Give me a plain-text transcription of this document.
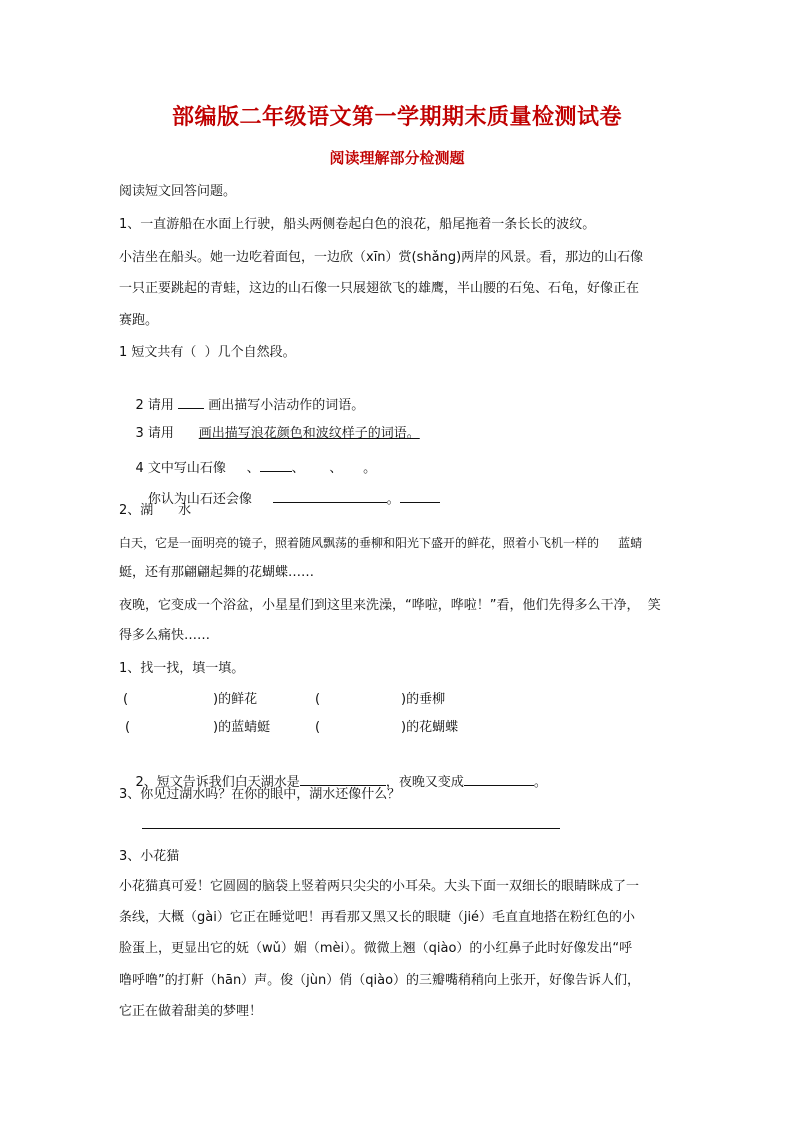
部编版二年级语文第一学期期末质量检测试卷
阅读理解部分检测题
阅读短文回答问题。
1、一直游船在水面上行驶，船头两侧卷起白色的浪花，船尾拖着一条长长的波纹。
小洁坐在船头。她一边吃着面包，一边欣（xīn）赏(shǎng)两岸的风景。看，那边的山石像
一只正要跳起的青蛙，这边的山石像一只展翅欲飞的雄鹰，半山腰的石兔、石龟，好像正在
赛跑。
1 短文共有（  ）几个自然段。

2 请用  画出描写小洁动作的词语。

3 请用      画出描写浪花颜色和波纹样子的词语。

4 文中写山石像     、 、      、     。

你认为山石还会像	。

2、湖      水
白天，它是一面明亮的镜子，照着随风飘荡的垂柳和阳光下盛开的鲜花，照着小飞机一样的     蓝蜻
蜓，还有那翩翩起舞的花蝴蝶……
夜晚，它变成一个浴盆，小星星们到这里来洗澡，“哗啦，哗啦！”看，他们先得多么干净，  笑
得多么痛快……
1、找一找，填一填。
(	)的鲜花	(	)的垂柳
(	)的蓝蜻蜓	(	)的花蝴蝶

2、短文告诉我们白天湖水是	，夜晚又变成	。

3、你见过湖水吗？在你的眼中，湖水还像什么？
3、小花猫
小花猫真可爱！它圆圆的脑袋上竖着两只尖尖的小耳朵。大头下面一双细长的眼睛眯成了一
条线，大概（gài）它正在睡觉吧！再看那又黑又长的眼睫（jié）毛直直地搭在粉红色的小
脸蛋上，更显出它的妩（wǔ）媚（mèi）。微微上翘（qiào）的小红鼻子此时好像发出“呼
噜呼噜”的打鼾（hān）声。俊（jùn）俏（qiào）的三瓣嘴稍稍向上张开，好像告诉人们，
它正在做着甜美的梦哩！
